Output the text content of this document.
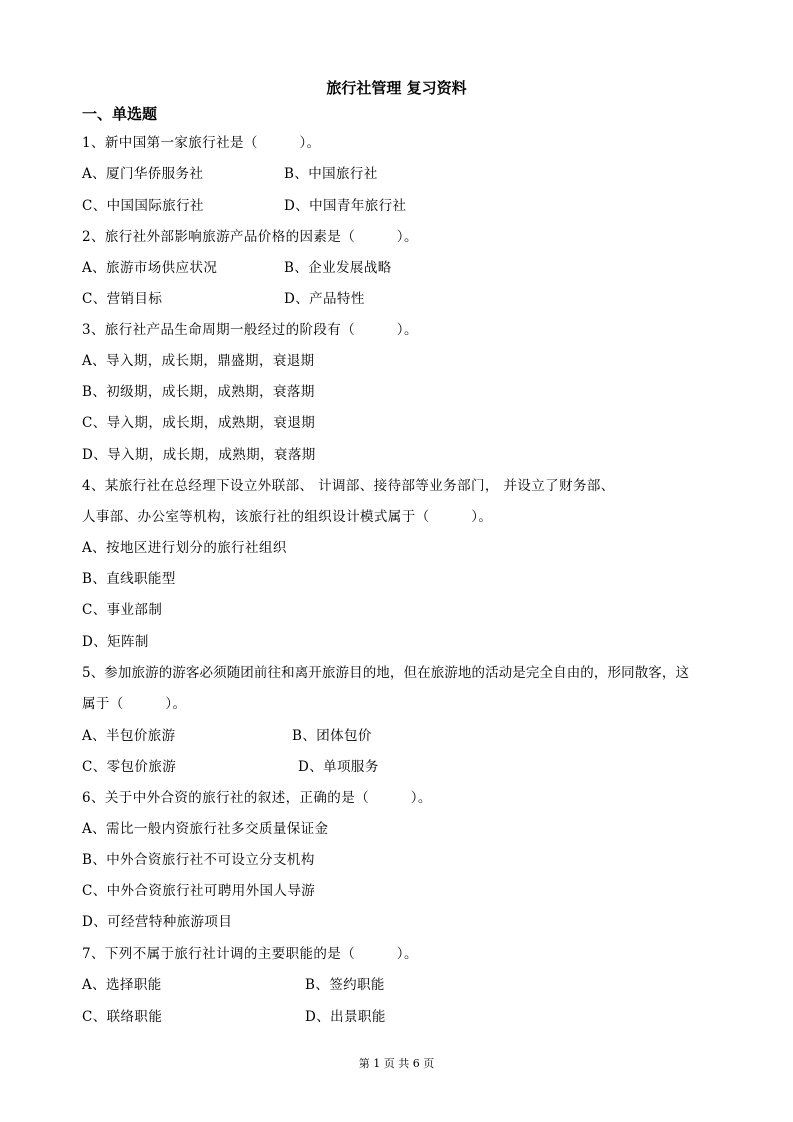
旅行社管理 复习资料
一、单选题
1、新中国第一家旅行社是（　　　）。
A、厦门华侨服务社	B、中国旅行社
C、中国国际旅行社	D、中国青年旅行社
2、旅行社外部影响旅游产品价格的因素是（　　　）。
A、旅游市场供应状况	B、企业发展战略
C、营销目标	D、产品特性
3、旅行社产品生命周期一般经过的阶段有（　　　）。
A、导入期，成长期，鼎盛期，衰退期
B、初级期，成长期，成熟期，衰落期
C、导入期，成长期，成熟期，衰退期
D、导入期，成长期，成熟期，衰落期
4、某旅行社在总经理下设立外联部、 计调部、接待部等业务部门， 并设立了财务部、
人事部、办公室等机构，该旅行社的组织设计模式属于（　　　）。
A、按地区进行划分的旅行社组织
B、直线职能型
C、事业部制
D、矩阵制
5、参加旅游的游客必须随团前往和离开旅游目的地，但在旅游地的活动是完全自由的，形同散客，这
属于（　　　）。
A、半包价旅游	B、团体包价
C、零包价旅游	D、单项服务
6、关于中外合资的旅行社的叙述，正确的是（　　　）。
A、需比一般内资旅行社多交质量保证金
B、中外合资旅行社不可设立分支机构
C、中外合资旅行社可聘用外国人导游
D、可经营特种旅游项目
7、下列不属于旅行社计调的主要职能的是（　　　）。
A、选择职能	B、签约职能
C、联络职能	D、出景职能
第 1 页 共 6 页
